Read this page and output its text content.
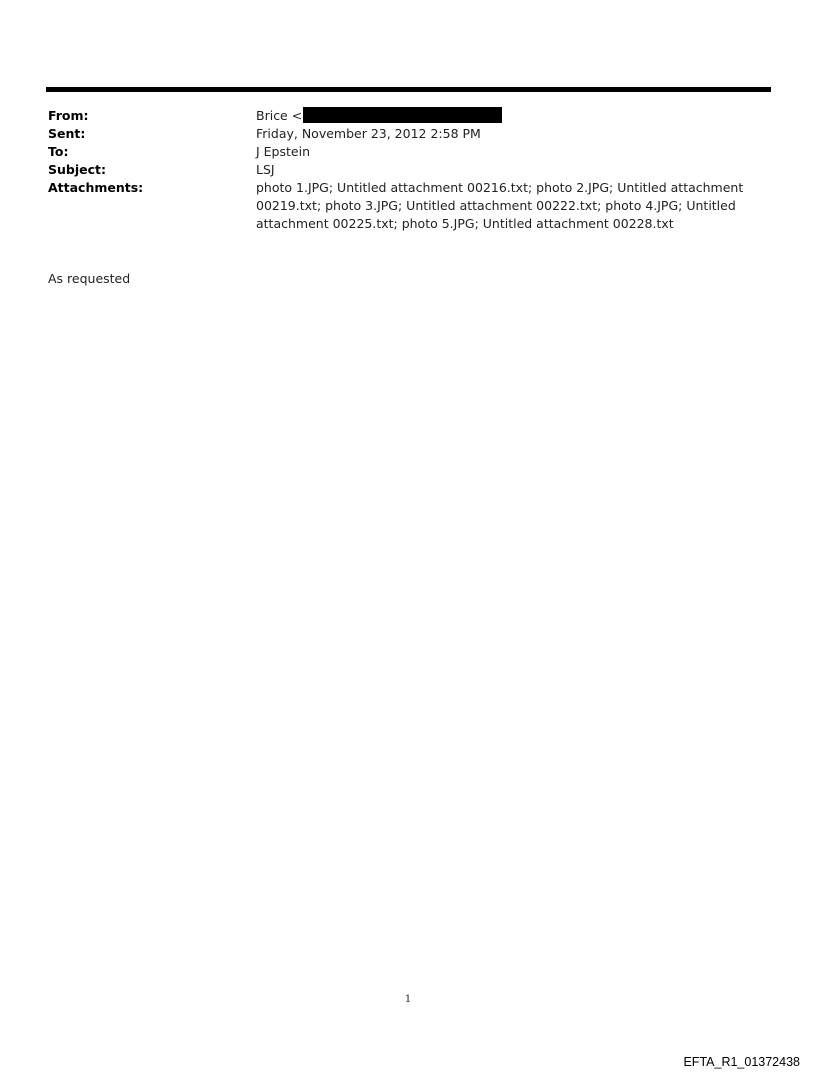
From:	Brice <
Sent:	Friday, November 23, 2012 2:58 PM
To:	J Epstein
Subject:	LSJ
Attachments:	photo 1.JPG; Untitled attachment 00216.txt; photo 2.JPG; Untitled attachment 00219.txt; photo 3.JPG; Untitled attachment 00222.txt; photo 4.JPG; Untitled attachment 00225.txt; photo 5.JPG; Untitled attachment 00228.txt
As requested
1
EFTA_R1_01372438
